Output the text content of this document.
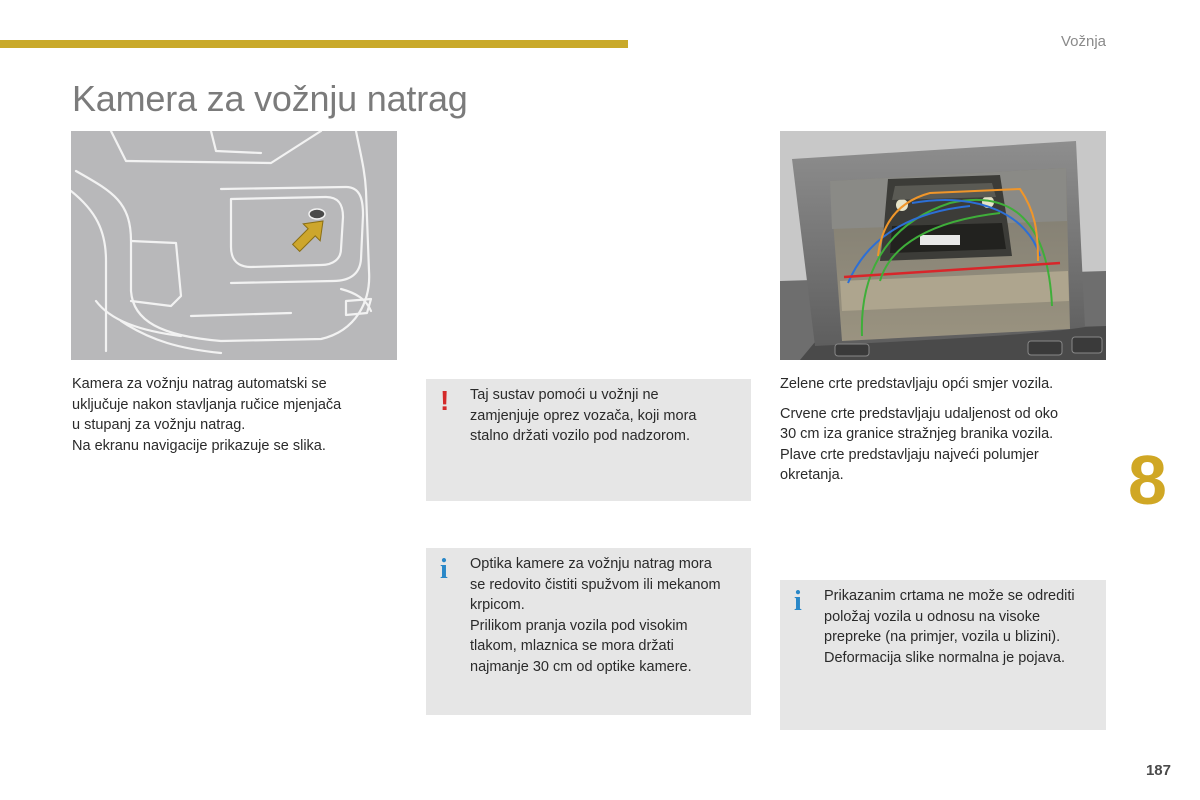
Vožnja
Kamera za vožnju natrag

Kamera za vožnju natrag automatski se

uključuje nakon stavljanja ručice mjenjača

u stupanj za vožnju natrag.

Na ekranu navigacije prikazuje se slika.

! Taj sustav pomoći u vožnji ne

zamjenjuje oprez vozača, koji mora

stalno držati vozilo pod nadzorom.

i Optika kamere za vožnju natrag mora

se redovito čistiti spužvom ili mekanom

krpicom.

Prilikom pranja vozila pod visokim

tlakom, mlaznica se mora držati

najmanje 30 cm od optike kamere.

Zelene crte predstavljaju opći smjer vozila.

Crvene crte predstavljaju udaljenost od oko
30 cm iza granice stražnjeg branika vozila.
Plave crte predstavljaju najveći polumjer
okretanja.

i Prikazanim crtama ne može se odrediti

položaj vozila u odnosu na visoke

prepreke (na primjer, vozila u blizini).

Deformacija slike normalna je pojava.

8
187
